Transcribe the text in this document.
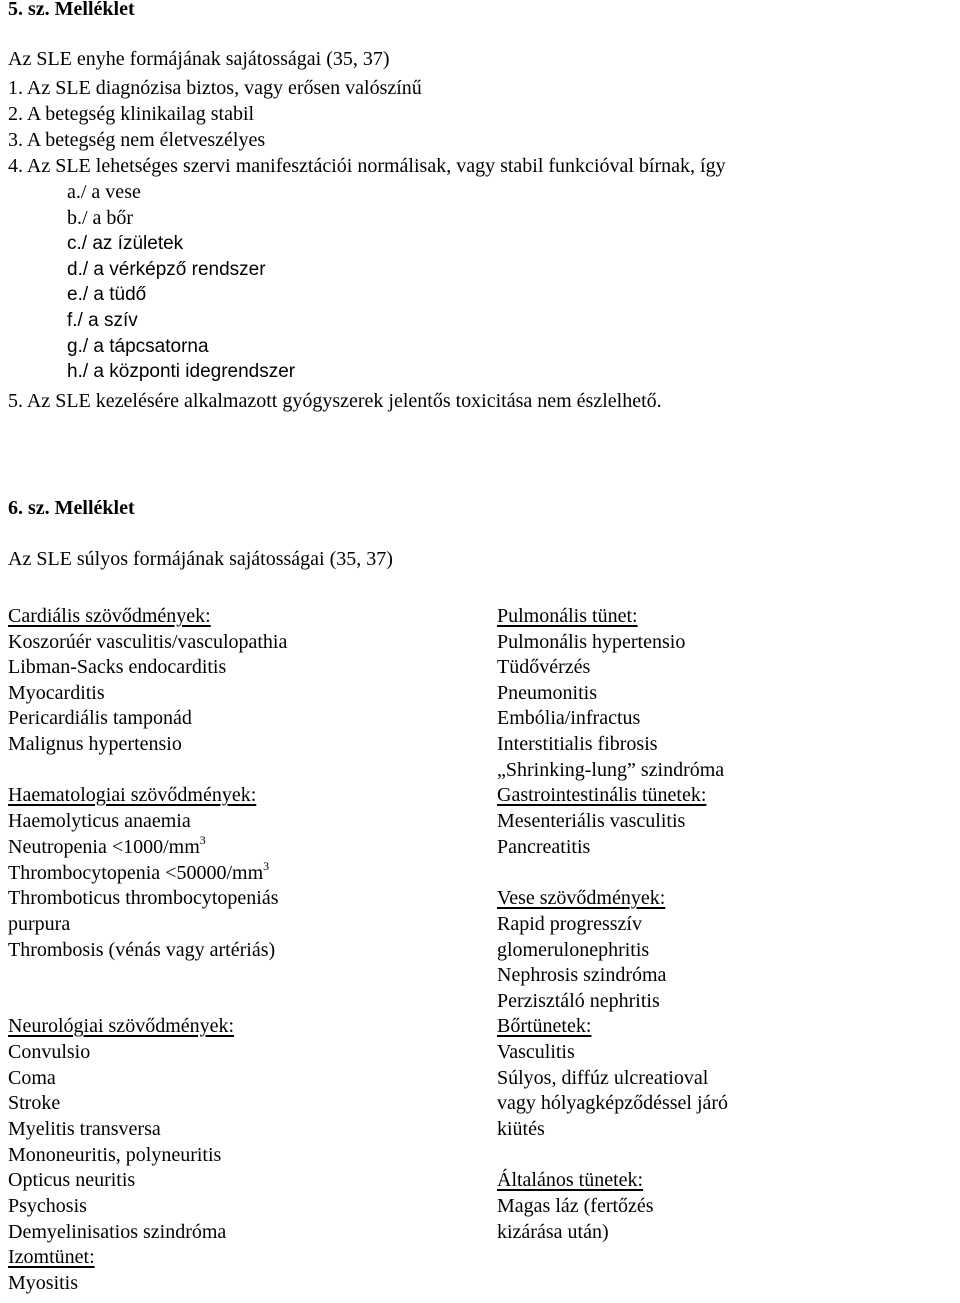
5. sz. Melléklet
Az SLE enyhe formájának sajátosságai (35, 37)
1. Az SLE diagnózisa biztos, vagy erősen valószínű
2. A betegség klinikailag stabil
3. A betegség nem életveszélyes
4. Az SLE lehetséges szervi manifesztációi normálisak, vagy stabil funkcióval bírnak, így
a./ a vese
b./ a bőr
c./ az ízületek
d./ a vérképző rendszer
e./ a tüdő
f./ a szív
g./ a tápcsatorna
h./ a központi idegrendszer
5. Az SLE kezelésére alkalmazott gyógyszerek jelentős toxicitása nem észlelhető.
6. sz. Melléklet
Az SLE súlyos formájának sajátosságai (35, 37)
Cardiális szövődmények:
Koszorúér vasculitis/vasculopathia
Libman-Sacks endocarditis
Myocarditis
Pericardiális tamponád
Malignus hypertensio
Haematologiai szövődmények:
Haemolyticus anaemia
Neutropenia $<1000/mm^3$
Thrombocytopenia $<50000/mm^3$
Thromboticus thrombocytopeniás
purpura
Thrombosis (vénás vagy artériás)
Neurológiai szövődmények:
Convulsio
Coma
Stroke
Myelitis transversa
Mononeuritis, polyneuritis
Opticus neuritis
Psychosis
Demyelinisatios szindróma
Izomtünet:
Myositis
Pulmonális tünet:
Pulmonális hypertensio
Tüdővérzés
Pneumonitis
Embólia/infractus
Interstitialis fibrosis
„Shrinking-lung” szindróma
Gastrointestinális tünetek:
Mesenteriális vasculitis
Pancreatitis
Vese szövődmények:
Rapid progresszív
glomerulonephritis
Nephrosis szindróma
Perzisztáló nephritis
Bőrtünetek:
Vasculitis
Súlyos, diffúz ulcreatioval
vagy hólyagképződéssel járó
kiütés
Általános tünetek:
Magas láz (fertőzés
kizárása után)
